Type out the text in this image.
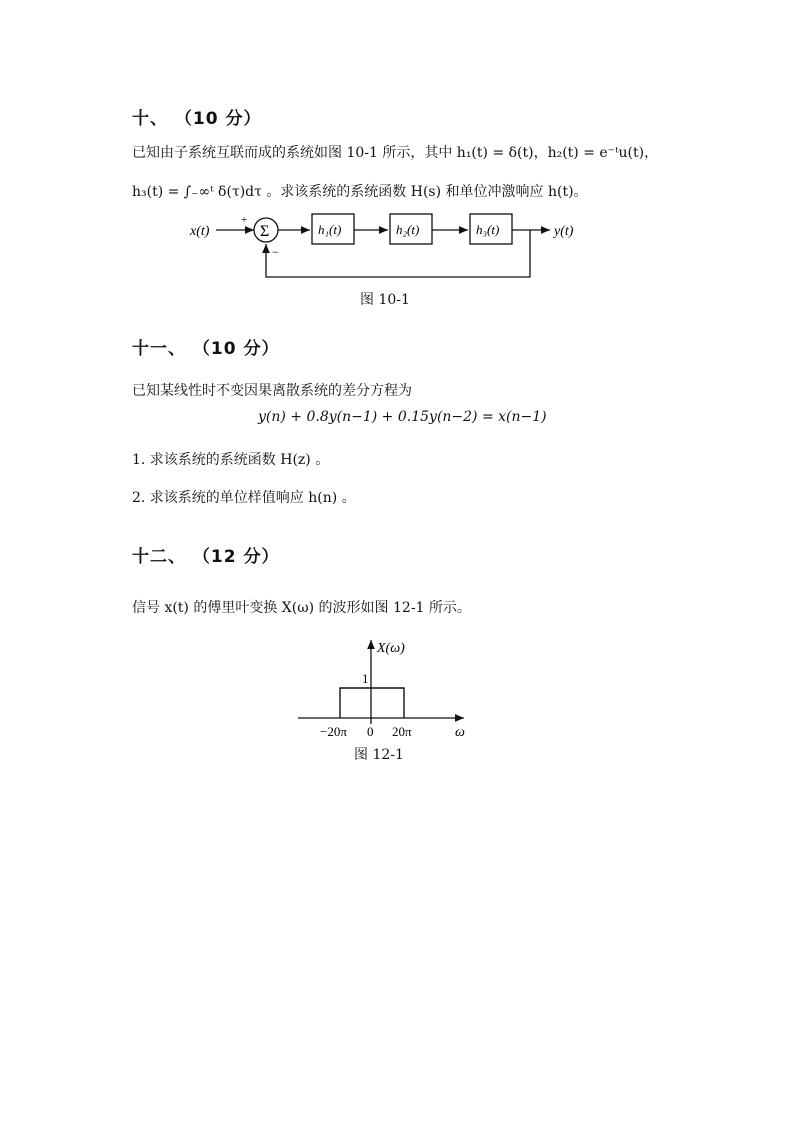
十、 （10 分）
已知由子系统互联而成的系统如图 10-1 所示，其中 h₁(t) = δ(t)，h₂(t) = e⁻ᵗu(t)，
h₃(t) = ∫₋∞ᵗ δ(τ)dτ 。求该系统的系统函数 H(s) 和单位冲激响应 h(t)。
x(t)
+
Σ
−
h₁(t)	h₂(t)	h₃(t)	y(t)
图 10-1
十一、 （10 分）
已知某线性时不变因果离散系统的差分方程为
y(n) + 0.8y(n−1) + 0.15y(n−2) = x(n−1)
1. 求该系统的系统函数 H(z) 。
2. 求该系统的单位样值响应 h(n) 。
十二、 （12 分）
信号 x(t) 的傅里叶变换 X(ω) 的波形如图 12-1 所示。
ω
X(ω)
1
−20π 0 20π
图 12-1
